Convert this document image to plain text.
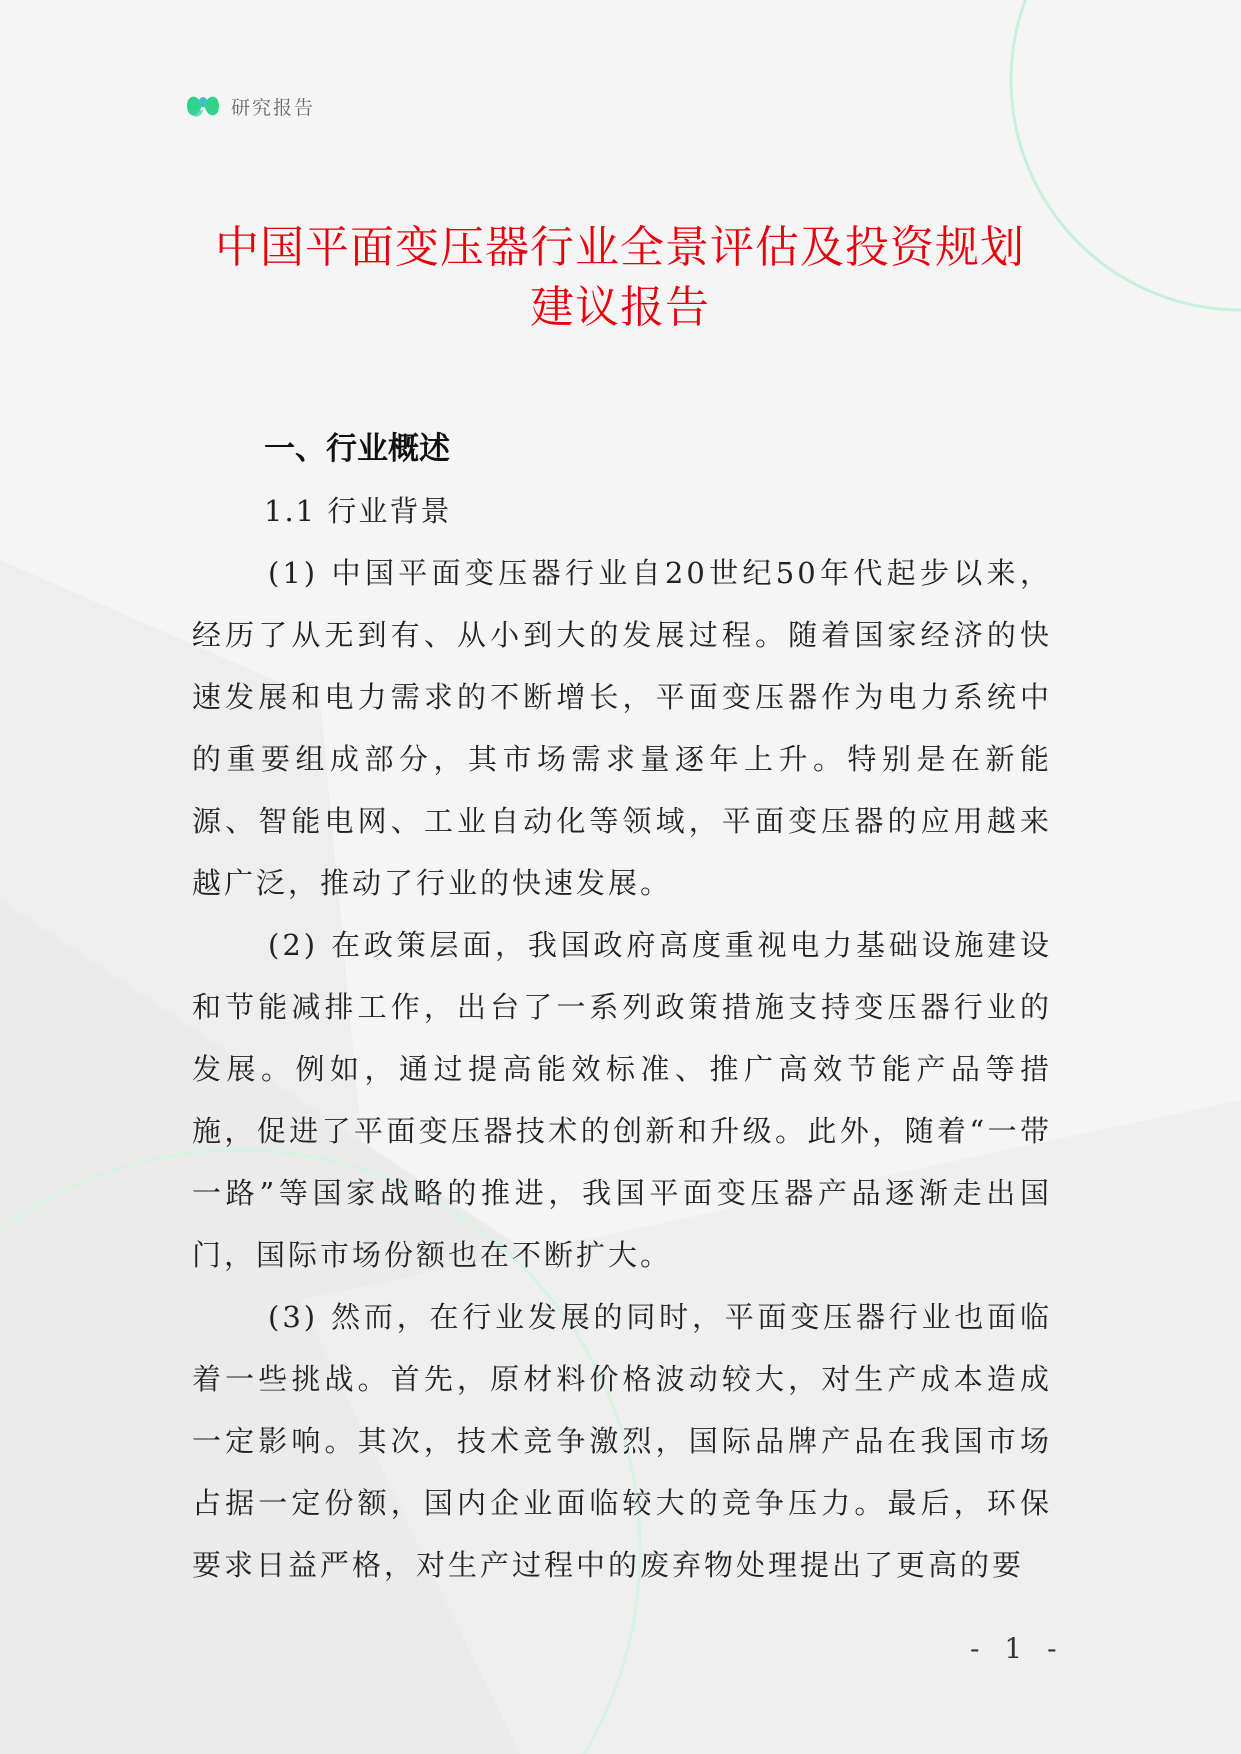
研究报告
中国平面变压器行业全景评估及投资规划
建议报告
一、行业概述
1.1 行业背景

(1) 中国平面变压器行业自20世纪50年代起步以来，经历了从无到有、从小到大的发展过程。随着国家经济的快速发展和电力需求的不断增长，平面变压器作为电力系统中的重要组成部分，其市场需求量逐年上升。特别是在新能源、智能电网、工业自动化等领域，平面变压器的应用越来越广泛，推动了行业的快速发展。

(2) 在政策层面，我国政府高度重视电力基础设施建设和节能减排工作，出台了一系列政策措施支持变压器行业的发展。例如，通过提高能效标准、推广高效节能产品等措施，促进了平面变压器技术的创新和升级。此外，随着“一带一路”等国家战略的推进，我国平面变压器产品逐渐走出国门，国际市场份额也在不断扩大。

(3) 然而，在行业发展的同时，平面变压器行业也面临着一些挑战。首先，原材料价格波动较大，对生产成本造成一定影响。其次，技术竞争激烈，国际品牌产品在我国市场占据一定份额，国内企业面临较大的竞争压力。最后，环保要求日益严格，对生产过程中的废弃物处理提出了更高的要

- 1 -
